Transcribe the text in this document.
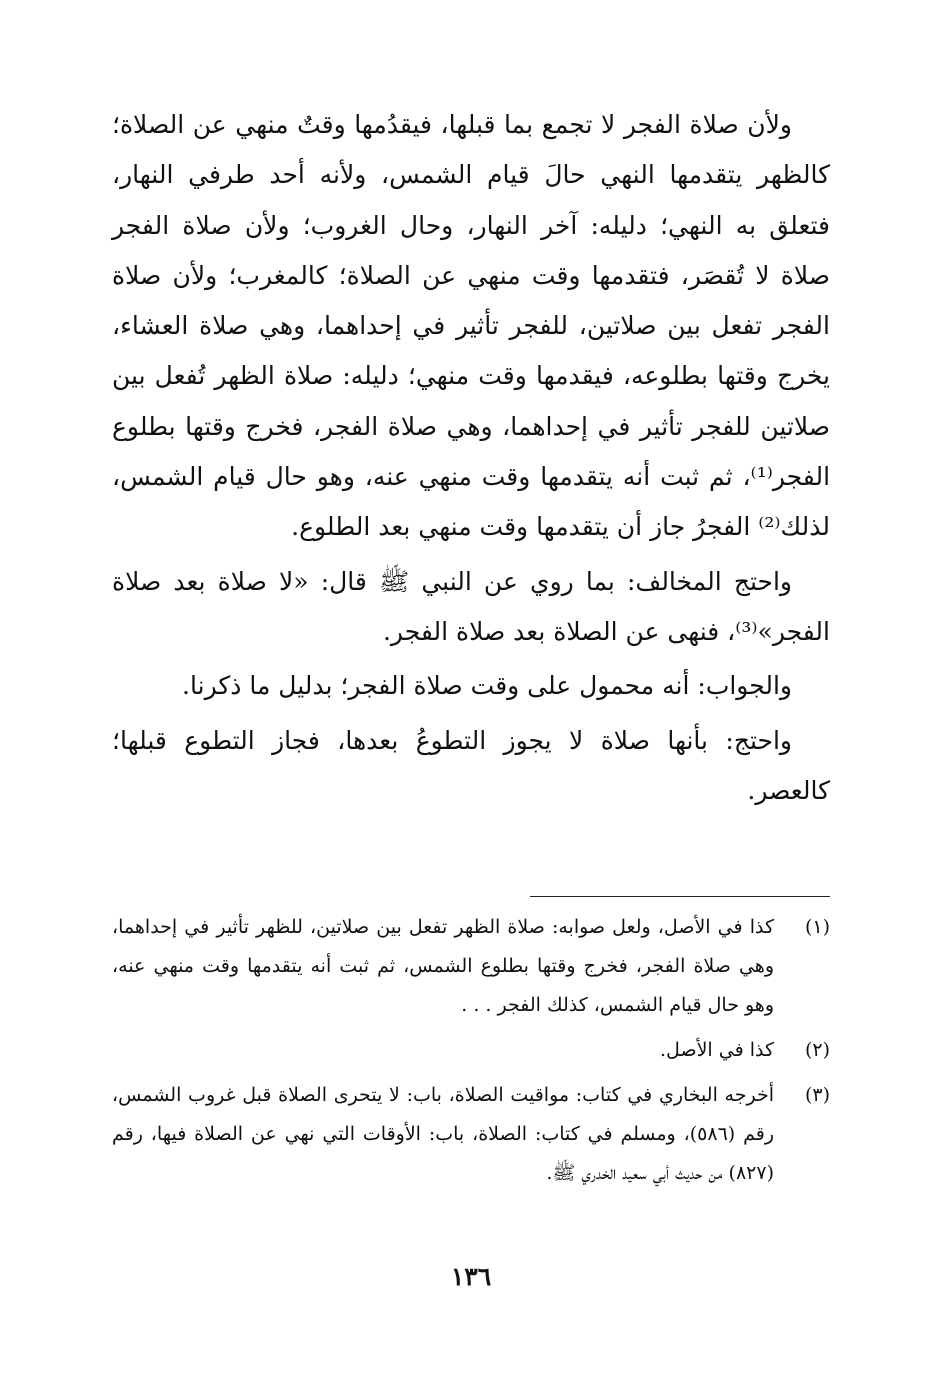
ولأن صلاة الفجر لا تجمع بما قبلها، فيقدُمها وقتٌ منهي عن الصلاة؛ كالظهر يتقدمها النهي حالَ قيام الشمس، ولأنه أحد طرفي النهار، فتعلق به النهي؛ دليله: آخر النهار، وحال الغروب؛ ولأن صلاة الفجر صلاة لا تُقصَر، فتقدمها وقت منهي عن الصلاة؛ كالمغرب؛ ولأن صلاة الفجر تفعل بين صلاتين، للفجر تأثير في إحداهما، وهي صلاة العشاء، يخرج وقتها بطلوعه، فيقدمها وقت منهي؛ دليله: صلاة الظهر تُفعل بين صلاتين للفجر تأثير في إحداهما، وهي صلاة الفجر، فخرج وقتها بطلوع الفجر⁽¹⁾، ثم ثبت أنه يتقدمها وقت منهي عنه، وهو حال قيام الشمس، لذلك⁽²⁾ الفجرُ جاز أن يتقدمها وقت منهي بعد الطلوع.

واحتج المخالف: بما روي عن النبي ﷺ قال: «لا صلاة بعد صلاة الفجر»⁽³⁾، فنهى عن الصلاة بعد صلاة الفجر.

والجواب: أنه محمول على وقت صلاة الفجر؛ بدليل ما ذكرنا.

واحتج: بأنها صلاة لا يجوز التطوعُ بعدها، فجاز التطوع قبلها؛ كالعصر.

(١)
كذا في الأصل، ولعل صوابه: صلاة الظهر تفعل بين صلاتين، للظهر تأثير في إحداهما، وهي صلاة الفجر، فخرج وقتها بطلوع الشمس، ثم ثبت أنه يتقدمها وقت منهي عنه، وهو حال قيام الشمس، كذلك الفجر . . .
(٢)
كذا في الأصل.
(٣)
أخرجه البخاري في كتاب: مواقيت الصلاة، باب: لا يتحرى الصلاة قبل غروب الشمس، رقم (٥٨٦)، ومسلم في كتاب: الصلاة، باب: الأوقات التي نهي عن الصلاة فيها، رقم (٨٢٧) من حديث أبي سعيد الخدري ﷺ.
١٣٦
